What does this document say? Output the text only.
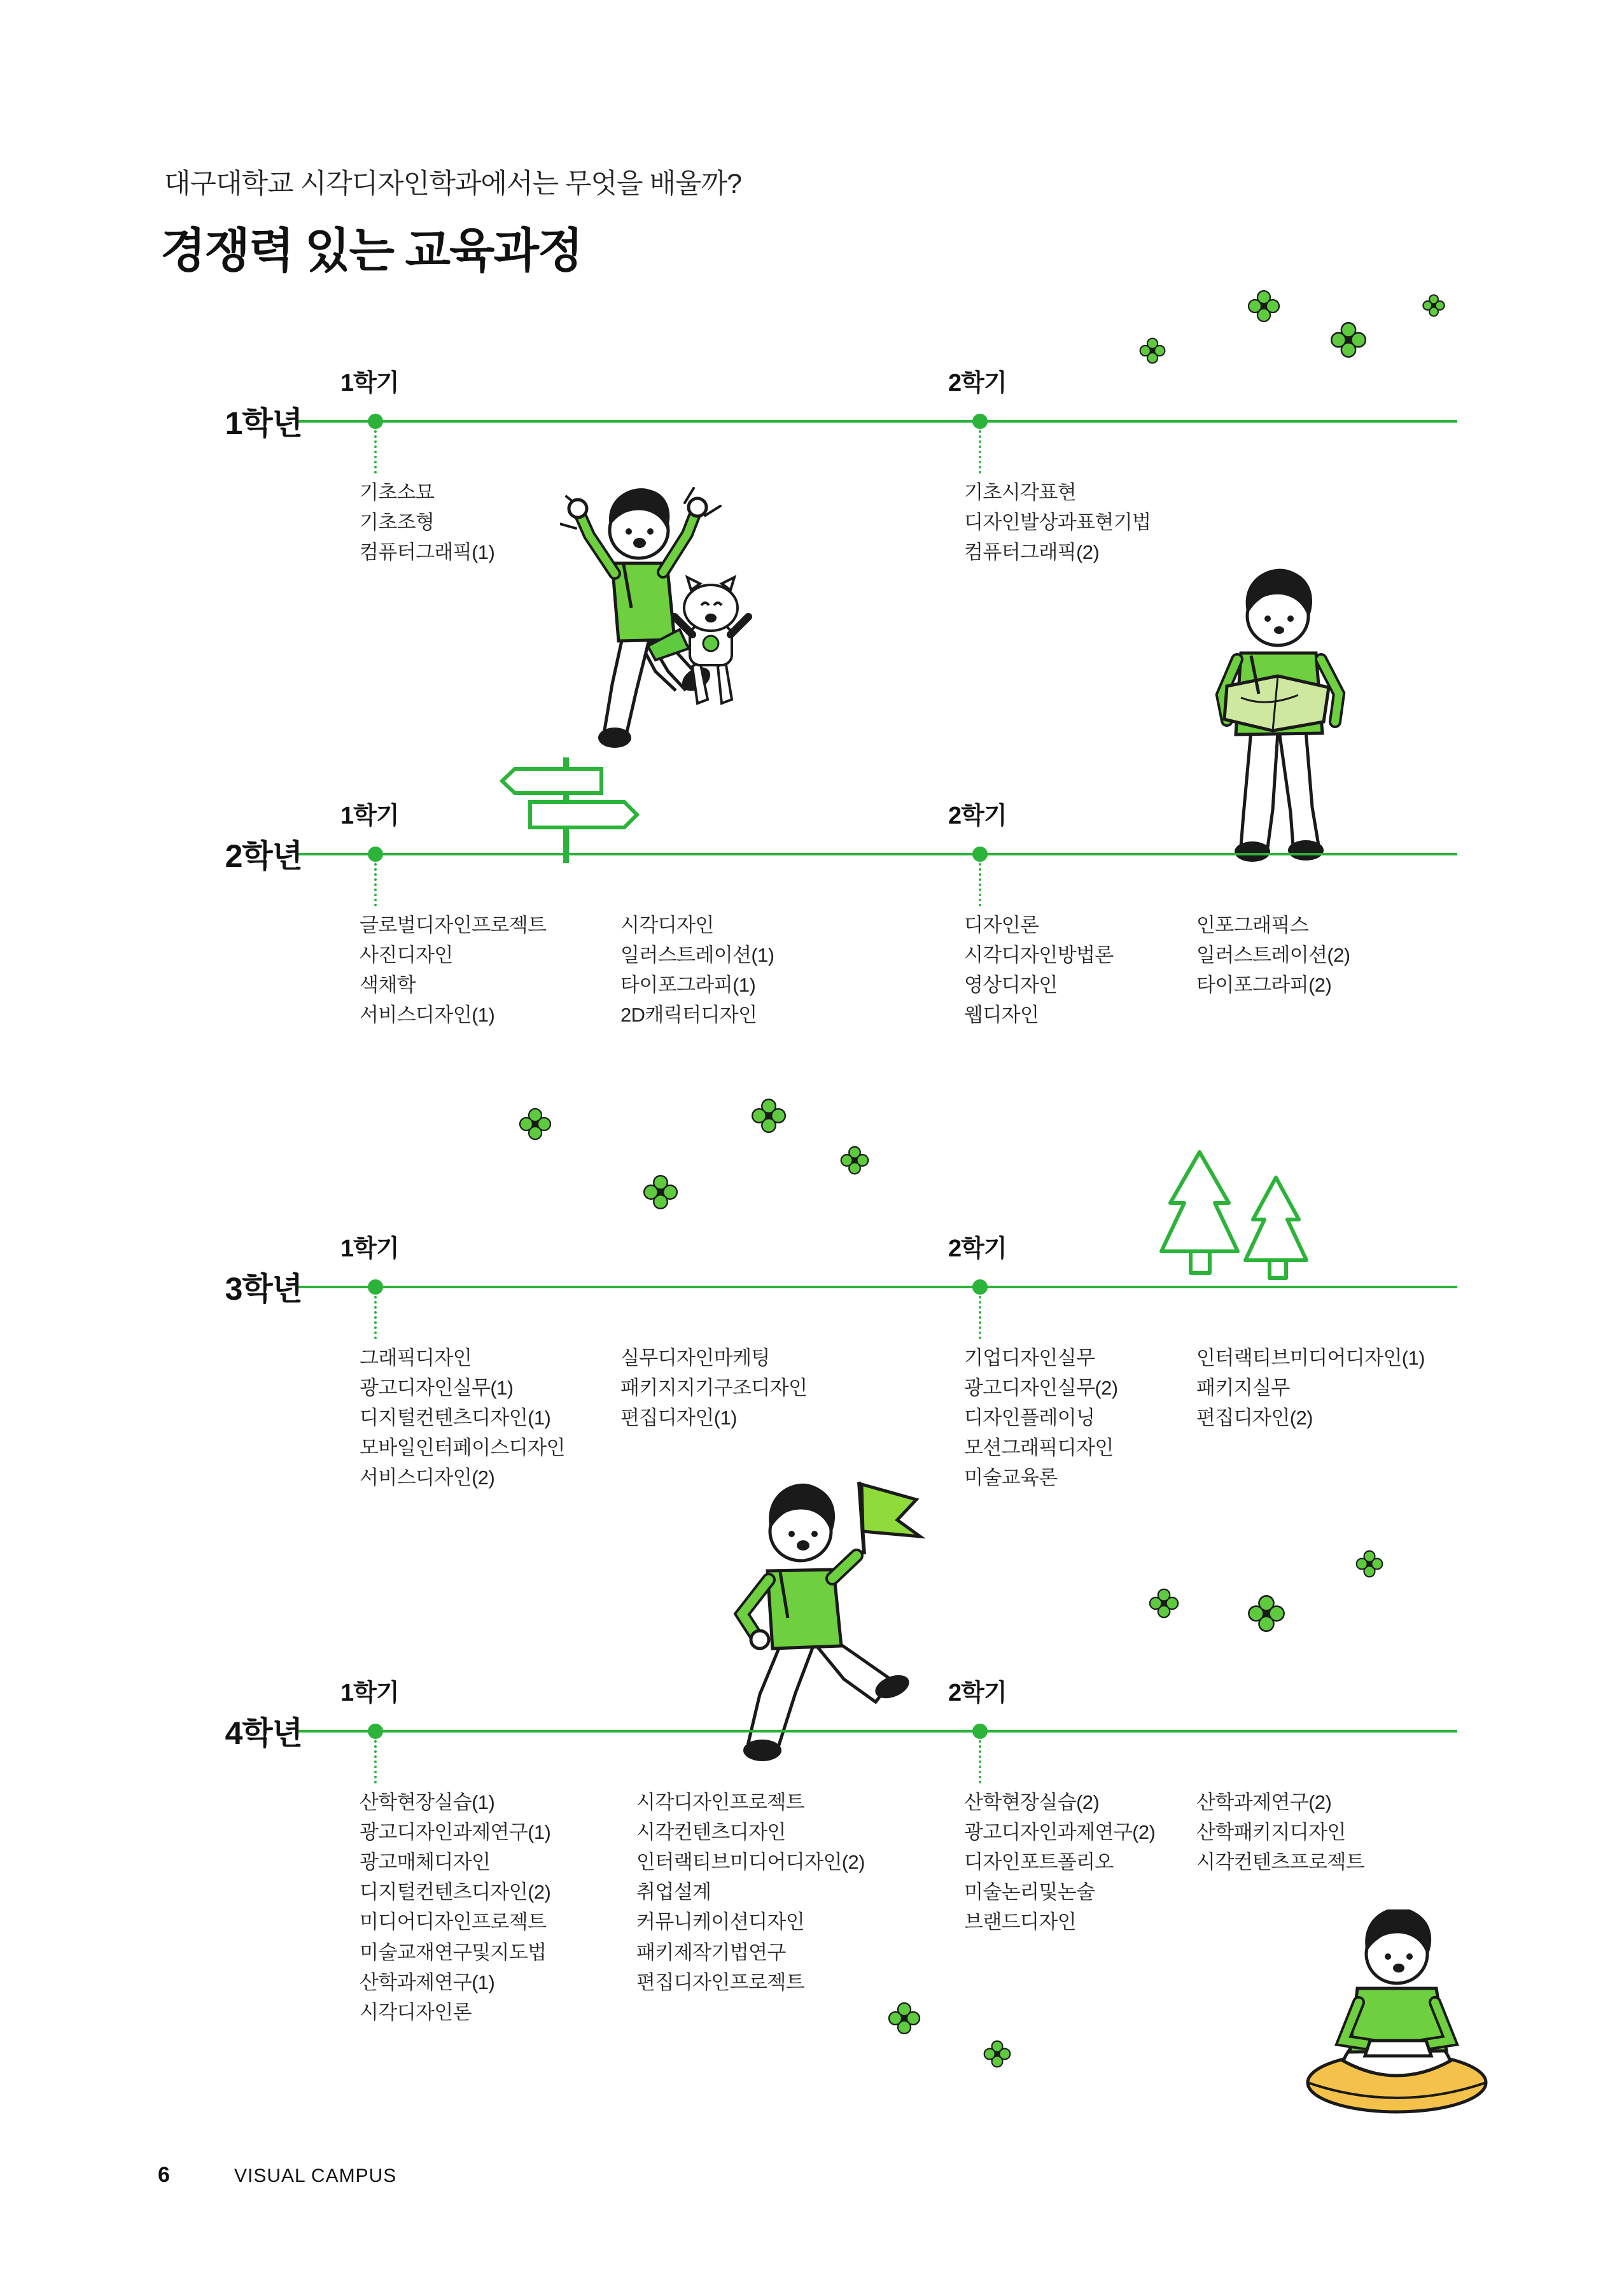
대구대학교 시각디자인학과에서는 무엇을 배울까?
경쟁력 있는 교육과정
1학년
1학기
기초소묘
기초조형
컴퓨터그래픽(1)
2학기
기초시각표현
디자인발상과표현기법
컴퓨터그래픽(2)
2학년
1학기
글로벌디자인프로젝트
사진디자인
색채학
서비스디자인(1)
시각디자인
일러스트레이션(1)
타이포그라피(1)
2D캐릭터디자인
2학기
디자인론
시각디자인방법론
영상디자인
웹디자인
인포그래픽스
일러스트레이션(2)
타이포그라피(2)
3학년
1학기
그래픽디자인
광고디자인실무(1)
디지털컨텐츠디자인(1)
모바일인터페이스디자인
서비스디자인(2)
실무디자인마케팅
패키지지기구조디자인
편집디자인(1)
2학기
기업디자인실무
광고디자인실무(2)
디자인플레이닝
모션그래픽디자인
미술교육론
인터랙티브미디어디자인(1)
패키지실무
편집디자인(2)
4학년
1학기
산학현장실습(1)
광고디자인과제연구(1)
광고매체디자인
디지털컨텐츠디자인(2)
미디어디자인프로젝트
미술교재연구및지도법
산학과제연구(1)
시각디자인론
시각디자인프로젝트
시각컨텐츠디자인
인터랙티브미디어디자인(2)
취업설계
커뮤니케이션디자인
패키제작기법연구
편집디자인프로젝트
2학기
산학현장실습(2)
광고디자인과제연구(2)
디자인포트폴리오
미술논리및논술
브랜드디자인
산학과제연구(2)
산학패키지디자인
시각컨텐츠프로젝트
6	VISUAL CAMPUS
